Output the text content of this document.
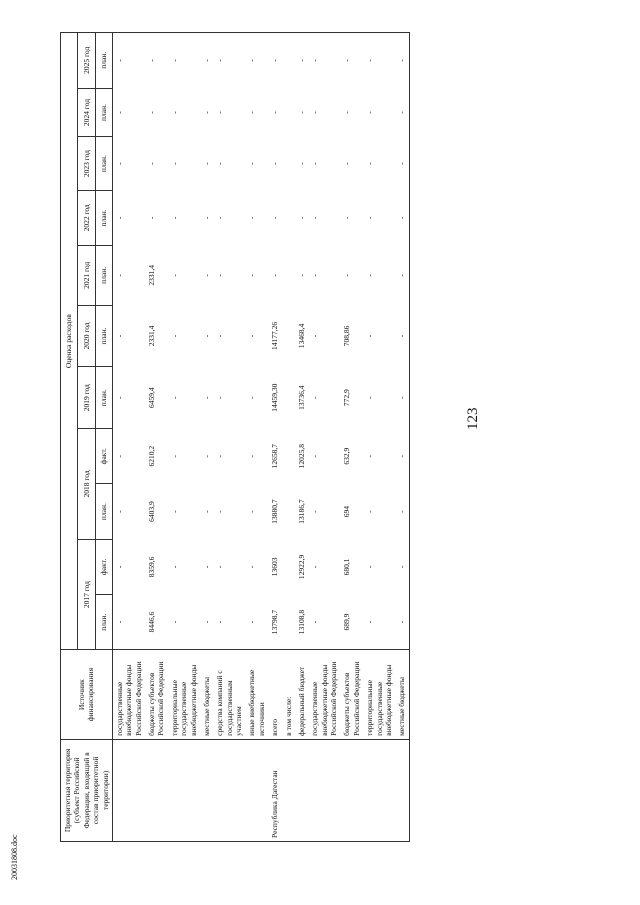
123
20031808.doc
Приоритетная территория (субъект Российской Федерации, входящий в состав приоритетной территории)	Источник финансирования	Оценка расходов										
		2017 год		2018 год		2019 год	2020 год	2021 год	2022 год	2023 год	2024 год	2025 год
		план.	факт.	план.	факт.	план.	план.	план.	план.	план.	план.	план.
	государственные внебюджетные фонды Российской Федерации	-	-	-	-	-	-	-	-	-	-	-
	бюджеты субъектов Российской Федерации	8446,6	8359,6	6403,9	6210,2	6459,4	2331,4	2331,4	-	-	-	-
	территориальные государственные внебюджетные фонды	-	-	-	-	-	-	-	-	-	-	-
	местные бюджеты	-	-	-	-	-	-	-	-	-	-	-
	средства компаний с государственным участием	-	-	-	-	-	-	-	-	-	-	-
	иные внебюджетные источники	-	-	-	-	-	-	-	-	-	-	-
Республика Дагестан	всего	13798,7	13603	13880,7	12658,7	14459,30	14177,26	-	-	-	-	-
	в том числе:											
	федеральный бюджет	13108,8	12922,9	13186,7	12025,8	13736,4	13468,4	-	-	-	-	-
	государственные внебюджетные фонды Российской Федерации	-	-	-	-	-	-	-	-	-	-	-
	бюджеты субъектов Российской Федерации	689,9	680,1	694	632,9	772,9	708,86	-	-	-	-	-
	территориальные государственные внебюджетные фонды	-	-	-	-	-	-	-	-	-	-	-
	местные бюджеты	-	-	-	-	-	-	-	-	-	-	-
